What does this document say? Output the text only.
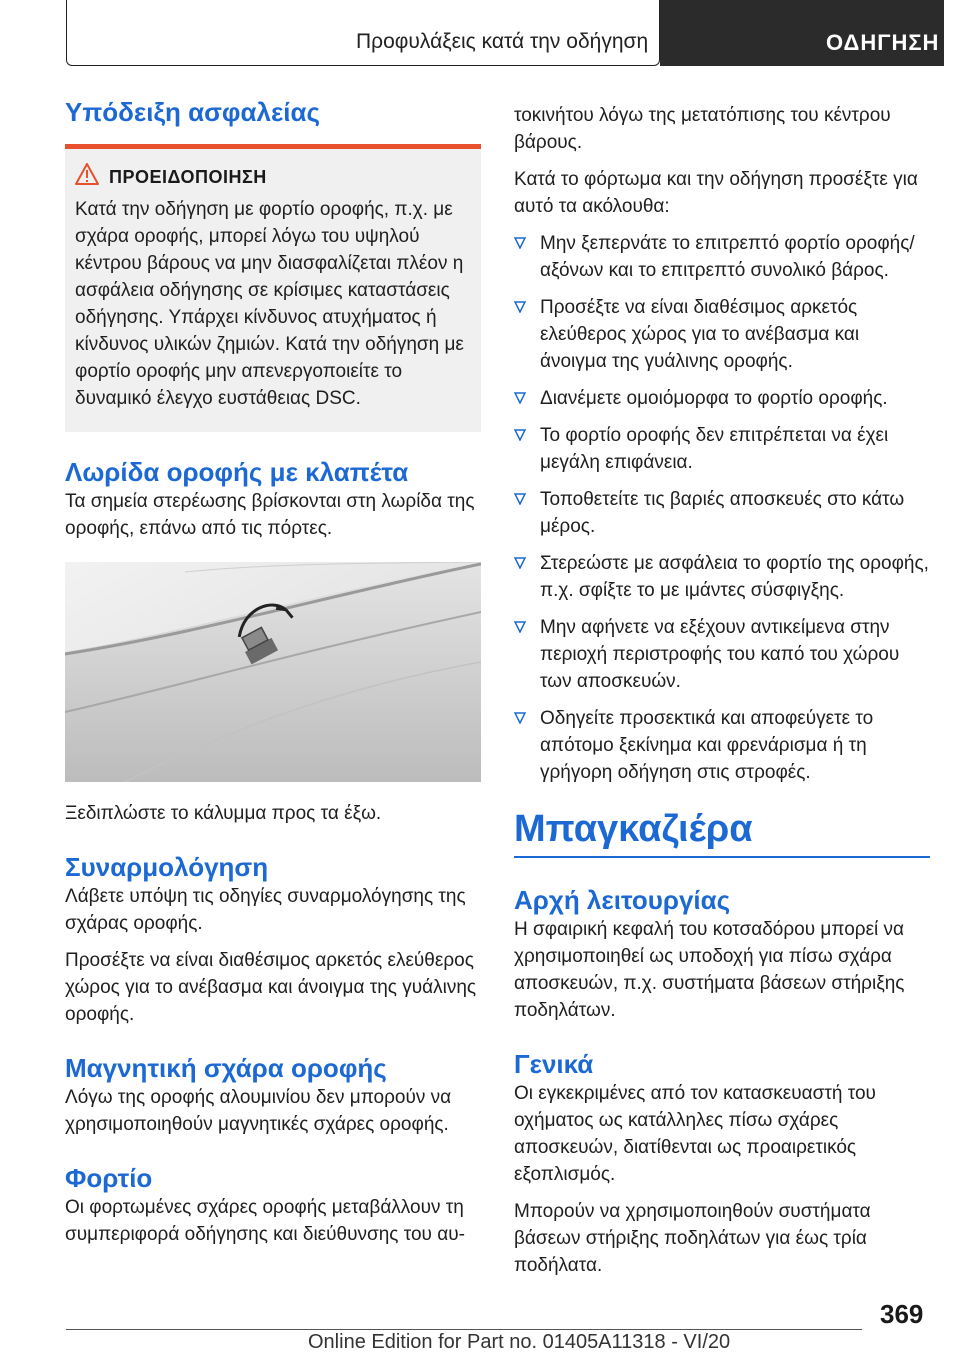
Προφυλάξεις κατά την οδήγηση	ΟΔΗΓΗΣΗ
Υπόδειξη ασφαλείας
ΠΡΟΕΙΔΟΠΟΙΗΣΗ
Κατά την οδήγηση με φορτίο οροφής, π.χ. με σχάρα οροφής, μπορεί λόγω του υψηλού κέντρου βάρους να μην διασφαλίζεται πλέον η ασφάλεια οδήγησης σε κρίσιμες καταστάσεις οδήγησης. Υπάρχει κίνδυνος ατυχήματος ή κίνδυνος υλικών ζημιών. Κατά την οδήγηση με φορτίο οροφής μην απενεργοποιείτε το δυναμικό έλεγχο ευστάθειας DSC.
Λωρίδα οροφής με κλαπέτα
Τα σημεία στερέωσης βρίσκονται στη λωρίδα της οροφής, επάνω από τις πόρτες.
Ξεδιπλώστε το κάλυμμα προς τα έξω.
Συναρμολόγηση
Λάβετε υπόψη τις οδηγίες συναρμολόγησης της σχάρας οροφής.
Προσέξτε να είναι διαθέσιμος αρκετός ελεύθερος χώρος για το ανέβασμα και άνοιγμα της γυάλινης οροφής.
Μαγνητική σχάρα οροφής
Λόγω της οροφής αλουμινίου δεν μπορούν να χρησιμοποιηθούν μαγνητικές σχάρες οροφής.
Φορτίο
Οι φορτωμένες σχάρες οροφής μεταβάλλουν τη συμπεριφορά οδήγησης και διεύθυνσης του αυ-
τοκινήτου λόγω της μετατόπισης του κέντρου βάρους.
Κατά το φόρτωμα και την οδήγηση προσέξτε για αυτό τα ακόλουθα:
Μην ξεπερνάτε το επιτρεπτό φορτίο οροφής/αξόνων και το επιτρεπτό συνολικό βάρος.
Προσέξτε να είναι διαθέσιμος αρκετός ελεύθερος χώρος για το ανέβασμα και άνοιγμα της γυάλινης οροφής.
Διανέμετε ομοιόμορφα το φορτίο οροφής.
Το φορτίο οροφής δεν επιτρέπεται να έχει μεγάλη επιφάνεια.
Τοποθετείτε τις βαριές αποσκευές στο κάτω μέρος.
Στερεώστε με ασφάλεια το φορτίο της οροφής, π.χ. σφίξτε το με ιμάντες σύσφιγξης.
Μην αφήνετε να εξέχουν αντικείμενα στην περιοχή περιστροφής του καπό του χώρου των αποσκευών.
Οδηγείτε προσεκτικά και αποφεύγετε το απότομο ξεκίνημα και φρενάρισμα ή τη γρήγορη οδήγηση στις στροφές.
Μπαγκαζιέρα
Αρχή λειτουργίας
Η σφαιρική κεφαλή του κοτσαδόρου μπορεί να χρησιμοποιηθεί ως υποδοχή για πίσω σχάρα αποσκευών, π.χ. συστήματα βάσεων στήριξης ποδηλάτων.
Γενικά
Οι εγκεκριμένες από τον κατασκευαστή του οχήματος ως κατάλληλες πίσω σχάρες αποσκευών, διατίθενται ως προαιρετικός εξοπλισμός.
Μπορούν να χρησιμοποιηθούν συστήματα βάσεων στήριξης ποδηλάτων για έως τρία ποδήλατα.
369
Online Edition for Part no. 01405A11318 - VI/20
